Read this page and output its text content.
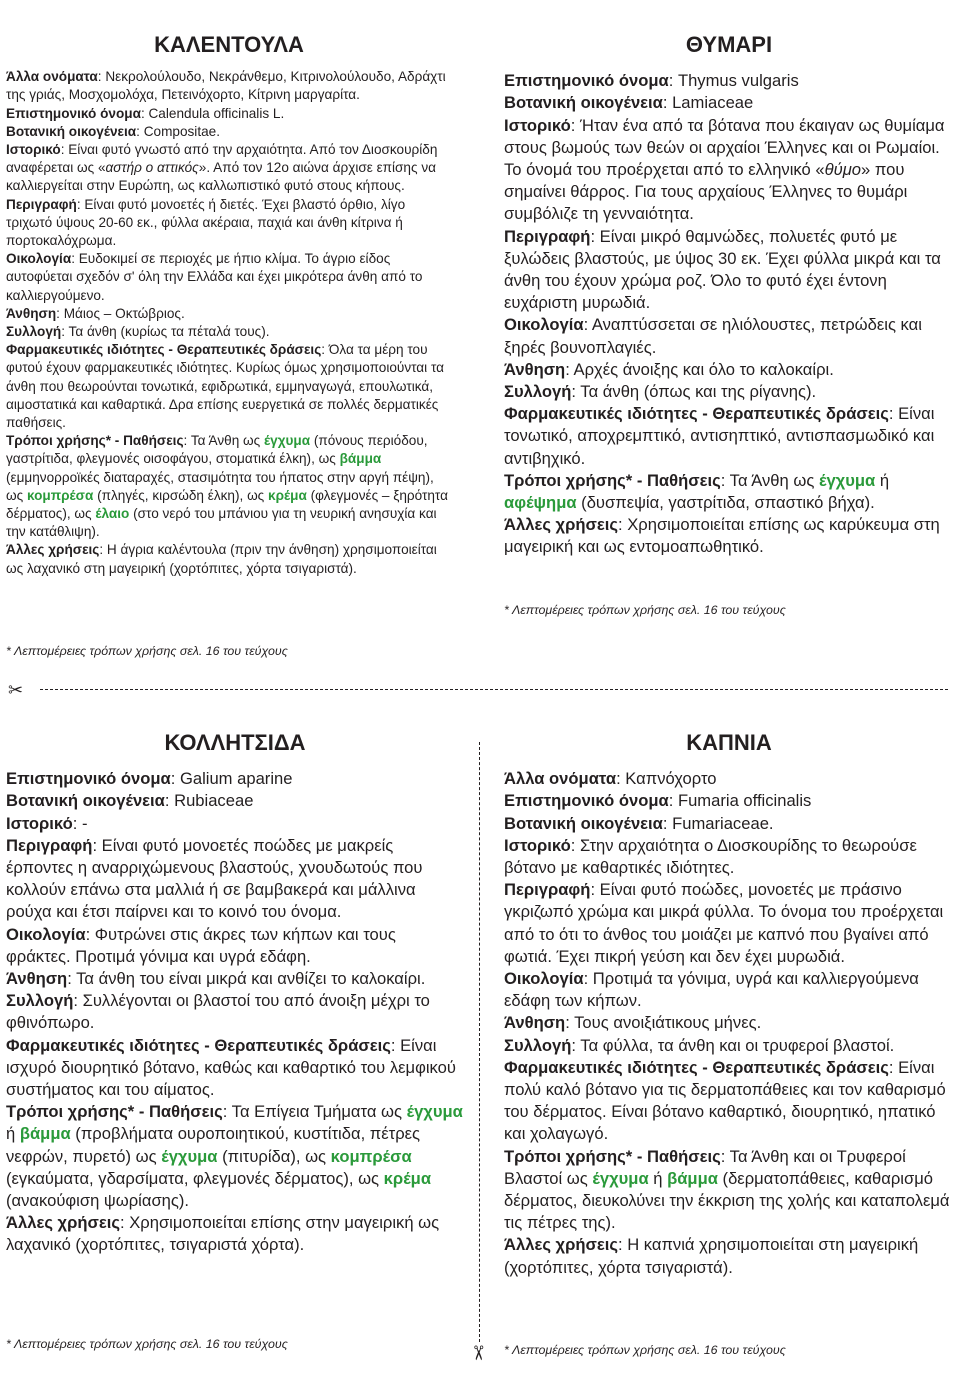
ΚΑΛΕΝΤΟΥΛΑ

Άλλα ονόματα: Νεκρολούλουδο, Νεκράνθεμο, Κιτρινολούλουδο, Αδράχτι της γριάς, Μοσχομολόχα, Πετεινόχορτο, Κίτρινη μαργαρίτα.

Επιστημονικό όνομα: Calendula officinalis L.

Βοτανική οικογένεια: Compositae.

Ιστορικό: Είναι φυτό γνωστό από την αρχαιότητα. Από τον Διοσκουρίδη αναφέρεται ως «αστήρ ο αττικός». Από τον 12ο αιώνα άρχισε επίσης να καλλιεργείται στην Ευρώπη, ως καλλωπιστικό φυτό στους κήπους.

Περιγραφή: Είναι φυτό μονοετές ή διετές. Έχει βλαστό όρθιο, λίγο τριχωτό ύψους 20-60 εκ., φύλλα ακέραια, παχιά και άνθη κίτρινα ή πορτοκαλόχρωμα.

Οικολογία: Ευδοκιμεί σε περιοχές με ήπιο κλίμα. Το άγριο είδος αυτοφύεται σχεδόν σ' όλη την Ελλάδα και έχει μικρότερα άνθη από το καλλιεργούμενο.

Άνθηση: Μάιος – Οκτώβριος.

Συλλογή: Τα άνθη (κυρίως τα πέταλά τους).

Φαρμακευτικές ιδιότητες - Θεραπευτικές δράσεις: Όλα τα μέρη του φυτού έχουν φαρμακευτικές ιδιότητες. Κυρίως όμως χρησιμοποιούνται τα άνθη που θεωρούνται τονωτικά, εφιδρωτικά, εμμηναγωγά, επουλωτικά, αιμοστατικά και καθαρτικά. Δρα επίσης ευεργετικά σε πολλές δερματικές παθήσεις.

Τρόποι χρήσης* - Παθήσεις: Τα Άνθη ως έγχυμα (πόνους περιόδου, γαστρίτιδα, φλεγμονές οισοφάγου, στοματικά έλκη), ως βάμμα (εμμηνορροϊκές διαταραχές, στασιμότητα του ήπατος στην αργή πέψη), ως κομπρέσα (πληγές, κιρσώδη έλκη), ως κρέμα (φλεγμονές – ξηρότητα δέρματος), ως έλαιο (στο νερό του μπάνιου για τη νευρική ανησυχία και την κατάθλιψη).

Άλλες χρήσεις: Η άγρια καλέντουλα (πριν την άνθηση) χρησιμοποιείται ως λαχανικό στη μαγειρική (χορτόπιτες, χόρτα τσιγαριστά).

* Λεπτομέρειες τρόπων χρήσης σελ. 16 του τεύχους
ΘΥΜΑΡΙ

Επιστημονικό όνομα: Thymus vulgaris

Βοτανική οικογένεια: Lamiaceae

Ιστορικό: Ήταν ένα από τα βότανα που έκαιγαν ως θυμίαμα στους βωμούς των θεών οι αρχαίοι Έλληνες και οι Ρωμαίοι. Το όνομά του προέρχεται από το ελληνικό «θύμο» που σημαίνει θάρρος. Για τους αρχαίους Έλληνες το θυμάρι συμβόλιζε τη γενναιότητα.

Περιγραφή: Είναι μικρό θαμνώδες, πολυετές φυτό με ξυλώδεις βλαστούς, με ύψος 30 εκ. Έχει φύλλα μικρά και τα άνθη του έχουν χρώμα ροζ. Όλο το φυτό έχει έντονη ευχάριστη μυρωδιά.

Οικολογία: Αναπτύσσεται σε ηλιόλουστες, πετρώδεις και ξηρές βουνοπλαγιές.

Άνθηση: Αρχές άνοιξης και όλο το καλοκαίρι.

Συλλογή: Τα άνθη (όπως και της ρίγανης).

Φαρμακευτικές ιδιότητες - Θεραπευτικές δράσεις: Είναι τονωτικό, αποχρεμπτικό, αντισηπτικό, αντισπασμωδικό και αντιβηχικό.

Τρόποι χρήσης* - Παθήσεις: Τα Άνθη ως έγχυμα ή αφέψημα (δυσπεψία, γαστρίτιδα, σπαστικό βήχα).

Άλλες χρήσεις: Χρησιμοποιείται επίσης ως καρύκευμα στη μαγειρική και ως εντομοαπωθητικό.

* Λεπτομέρειες τρόπων χρήσης σελ. 16 του τεύχους
✂
ΚΟΛΛΗΤΣΙΔΑ

Επιστημονικό όνομα: Galium aparine

Βοτανική οικογένεια: Rubiaceae

Ιστορικό: -

Περιγραφή: Είναι φυτό μονοετές ποώδες με μακρείς έρποντες η αναρριχώμενους βλαστούς, χνουδωτούς που κολλούν επάνω στα μαλλιά ή σε βαμβακερά και μάλλινα ρούχα και έτσι παίρνει και το κοινό του όνομα.

Οικολογία: Φυτρώνει στις άκρες των κήπων και τους φράκτες. Προτιμά γόνιμα και υγρά εδάφη.

Άνθηση: Τα άνθη του είναι μικρά και ανθίζει το καλοκαίρι.

Συλλογή: Συλλέγονται οι βλαστοί του από άνοιξη μέχρι το φθινόπωρο.

Φαρμακευτικές ιδιότητες - Θεραπευτικές δράσεις: Είναι ισχυρό διουρητικό βότανο, καθώς και καθαρτικό του λεμφικού συστήματος και του αίματος.

Τρόποι χρήσης* - Παθήσεις: Τα Επίγεια Τμήματα ως έγχυμα ή βάμμα (προβλήματα ουροποιητικού, κυστίτιδα, πέτρες νεφρών, πυρετό) ως έγχυμα (πιτυρίδα), ως κομπρέσα (εγκαύματα, γδαρσίματα, φλεγμονές δέρματος), ως κρέμα (ανακούφιση ψωρίασης).

Άλλες χρήσεις: Χρησιμοποιείται επίσης στην μαγειρική ως λαχανικό (χορτόπιτες, τσιγαριστά χόρτα).

* Λεπτομέρειες τρόπων χρήσης σελ. 16 του τεύχους
✂
ΚΑΠΝΙΑ

Άλλα ονόματα: Καπνόχορτο

Επιστημονικό όνομα: Fumaria officinalis

Βοτανική οικογένεια: Fumariaceae.

Ιστορικό: Στην αρχαιότητα ο Διοσκουρίδης το θεωρούσε βότανο με καθαρτικές ιδιότητες.

Περιγραφή: Είναι φυτό ποώδες, μονοετές με πράσινο γκριζωπό χρώμα και μικρά φύλλα. Το όνομα του προέρχεται από το ότι το άνθος του μοιάζει με καπνό που βγαίνει από φωτιά. Έχει πικρή γεύση και δεν έχει μυρωδιά.

Οικολογία: Προτιμά τα γόνιμα, υγρά και καλλιεργούμενα εδάφη των κήπων.

Άνθηση: Τους ανοιξιάτικους μήνες.

Συλλογή: Τα φύλλα, τα άνθη και οι τρυφεροί βλαστοί.

Φαρμακευτικές ιδιότητες - Θεραπευτικές δράσεις: Είναι πολύ καλό βότανο για τις δερματοπάθειες και τον καθαρισμό του δέρματος. Είναι βότανο καθαρτικό, διουρητικό, ηπατικό και χολαγωγό.

Τρόποι χρήσης* - Παθήσεις: Τα Άνθη και οι Τρυφεροί Βλαστοί ως έγχυμα ή βάμμα (δερματοπάθειες, καθαρισμό δέρματος, διευκολύνει την έκκριση της χολής και καταπολεμά τις πέτρες της).

Άλλες χρήσεις: Η καπνιά χρησιμοποιείται στη μαγειρική (χορτόπιτες, χόρτα τσιγαριστά).

* Λεπτομέρειες τρόπων χρήσης σελ. 16 του τεύχους
